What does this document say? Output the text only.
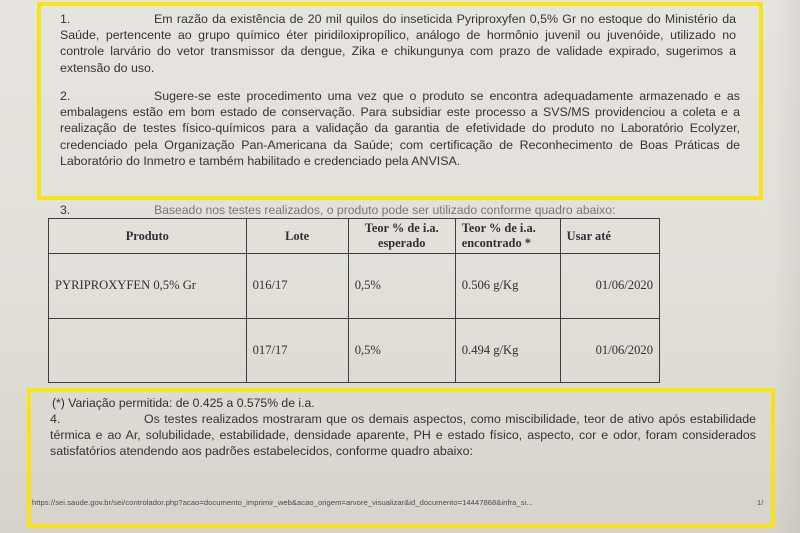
1.	Em razão da existência de 20 mil quilos do inseticida Pyriproxyfen 0,5% Gr no estoque do Ministério da Saúde, pertencente ao grupo químico éter piridiloxipropílico, análogo de hormônio juvenil ou juvenóide, utilizado no controle larvário do vetor transmissor da dengue, Zika e chikungunya com prazo de validade expirado, sugerimos a extensão do uso.
2.	Sugere-se este procedimento uma vez que o produto se encontra adequadamente armazenado e as embalagens estão em bom estado de conservação. Para subsidiar este processo a SVS/MS providenciou a coleta e a realização de testes físico-químicos para a validação da garantia de efetividade do produto no Laboratório Ecolyzer, credenciado pela Organização Pan-Americana da Saúde; com certificação de Reconhecimento de Boas Práticas de Laboratório do Inmetro e também habilitado e credenciado pela ANVISA.
3.	Baseado nos testes realizados, o produto pode ser utilizado conforme quadro abaixo:
Produto	Lote	Teor % de i.a. esperado	Teor % de i.a. encontrado *	Usar até
PYRIPROXYFEN 0,5% Gr	016/17	0,5%	0.506 g/Kg	01/06/2020
	017/17	0,5%	0.494 g/Kg	01/06/2020
(*) Variação permitida: de 0.425 a 0.575% de i.a.
4.	Os testes realizados mostraram que os demais aspectos, como miscibilidade, teor de ativo após estabilidade térmica e ao Ar, solubilidade, estabilidade, densidade aparente, PH e estado físico, aspecto, cor e odor, foram considerados satisfatórios atendendo aos padrões estabelecidos, conforme quadro abaixo:
https://sei.saude.gov.br/sei/controlador.php?acao=documento_imprimir_web&acao_origem=arvore_visualizar&id_documento=14447868&infra_si...	1/
